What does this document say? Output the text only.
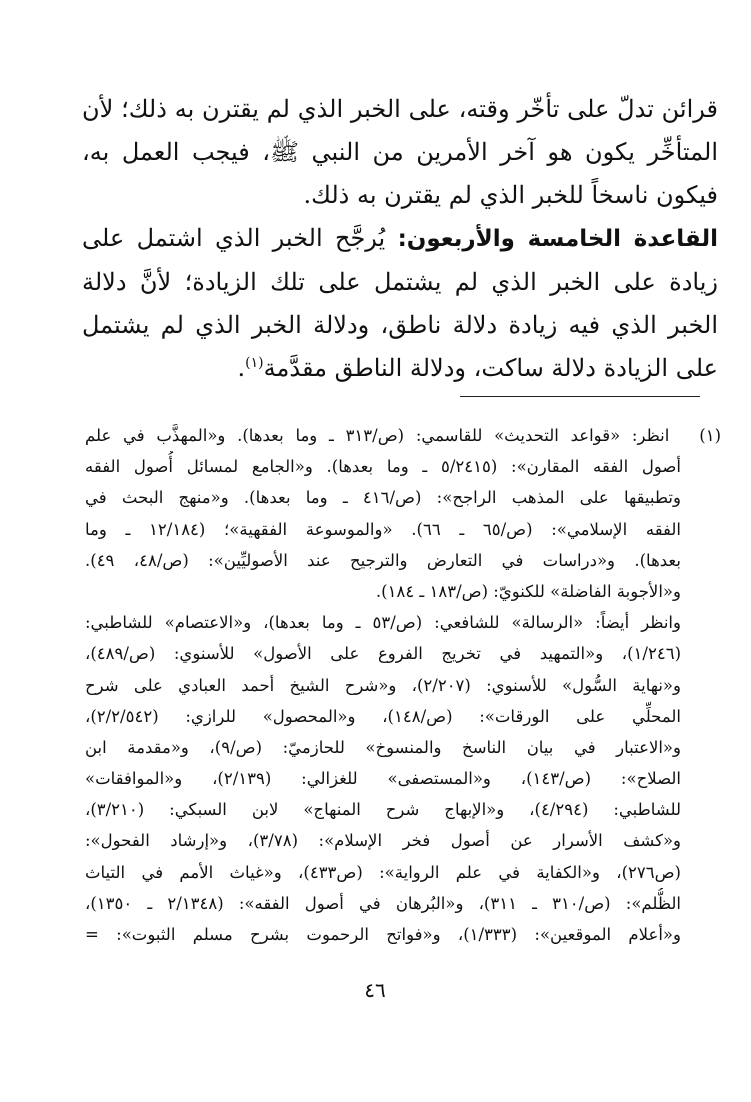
قرائن تدلّ على تأخّر وقته، على الخبر الذي لم يقترن به ذلك؛ لأن المتأخِّر يكون هو آخر الأمرين من النبي ﷺ، فيجب العمل به، فيكون ناسخاً للخبر الذي لم يقترن به ذلك.

القاعدة الخامسة والأربعون: يُرجَّح الخبر الذي اشتمل على زيادة على الخبر الذي لم يشتمل على تلك الزيادة؛ لأنَّ دلالة الخبر الذي فيه زيادة دلالة ناطق، ودلالة الخبر الذي لم يشتمل على الزيادة دلالة ساكت، ودلالة الناطق مقدَّمة$^{(١)}$.

(١) انظر: «قواعد التحديث» للقاسمي: (ص/٣١٣ ـ وما بعدها). و«المهذَّب في علم
أصول الفقه المقارن»: (٥/٢٤١٥ ـ وما بعدها). و«الجامع لمسائل أُصول الفقه
وتطبيقها على المذهب الراجح»: (ص/٤١٦ ـ وما بعدها). و«منهج البحث في
الفقه الإسلامي»: (ص/٦٥ ـ ٦٦). «والموسوعة الفقهية»؛ (١٢/١٨٤ ـ وما
بعدها). و«دراسات في التعارض والترجيح عند الأصوليِّين»: (ص/٤٨، ٤٩).
و«الأجوبة الفاضلة» للكنويّ: (ص/١٨٣ ـ ١٨٤).
وانظر أيضاً: «الرسالة» للشافعي: (ص/٥٣ ـ وما بعدها)، و«الاعتصام» للشاطبي:
(١/٢٤٦)، و«التمهيد في تخريج الفروع على الأصول» للأسنوي: (ص/٤٨٩)،
و«نهاية السُّول» للأسنوي: (٢/٢٠٧)، و«شرح الشيخ أحمد العبادي على شرح
المحلِّي على الورقات»: (ص/١٤٨)، و«المحصول» للرازي: (٢/٢/٥٤٢)،
و«الاعتبار في بيان الناسخ والمنسوخ» للحازميّ: (ص/٩)، و«مقدمة ابن
الصلاح»: (ص/١٤٣)، و«المستصفى» للغزالي: (٢/١٣٩)، و«الموافقات»
للشاطبي: (٤/٢٩٤)، و«الإبهاج شرح المنهاج» لابن السبكي: (٣/٢١٠)،
و«كشف الأسرار عن أصول فخر الإسلام»: (٣/٧٨)، و«إرشاد الفحول»:
(ص٢٧٦)، و«الكفاية في علم الرواية»: (ص٤٣٣)، و«غياث الأمم في التياث
الظُّلم»: (ص/٣١٠ ـ ٣١١)، و«البُرهان في أصول الفقه»: (٢/١٣٤٨ ـ ١٣٥٠)،
و«أعلام الموقعين»: (١/٣٣٣)، و«فواتح الرحموت بشرح مسلم الثبوت»: =
٤٦
